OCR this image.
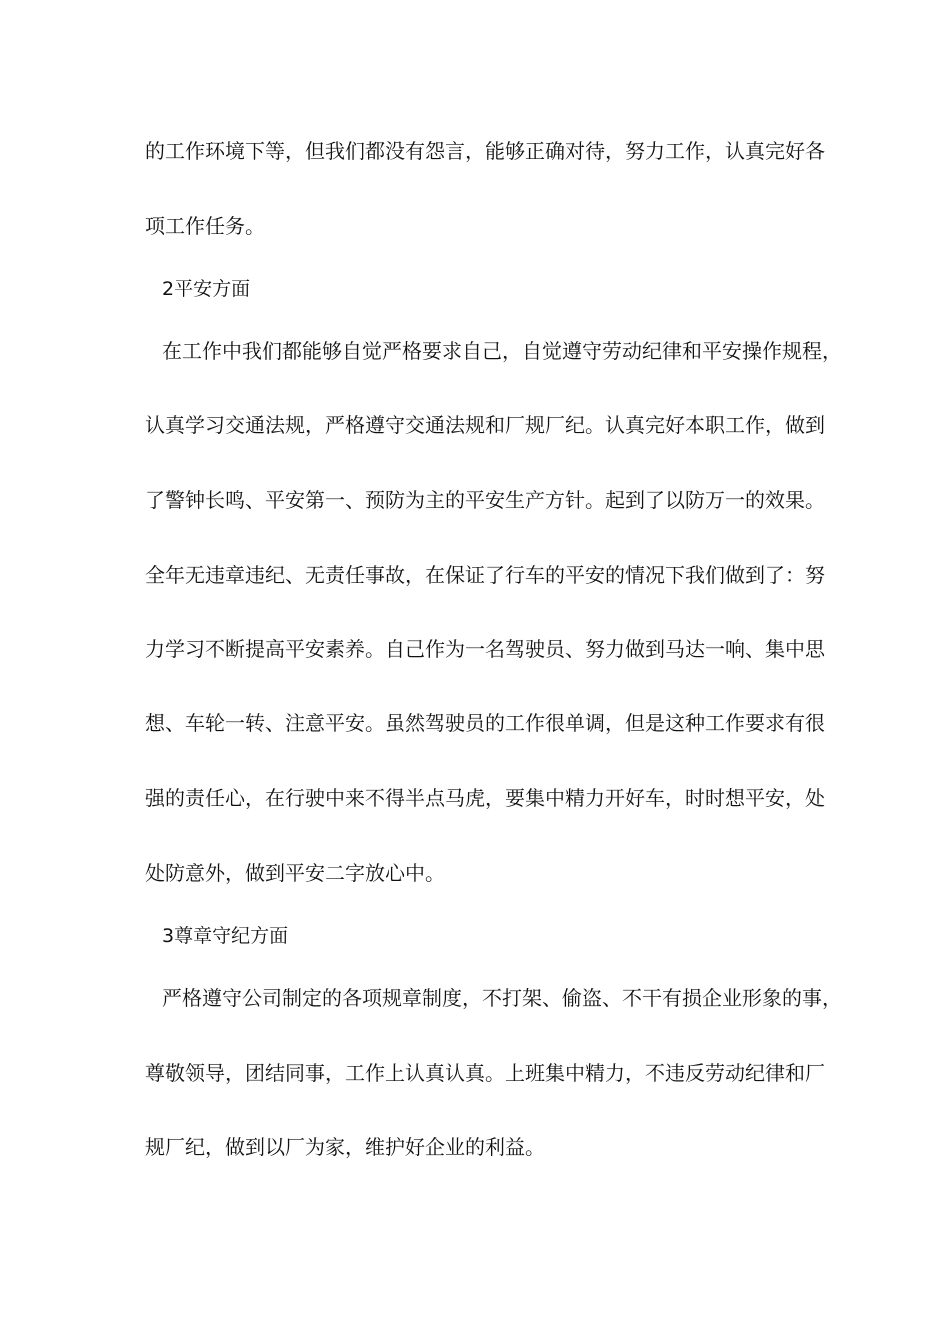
的工作环境下等，但我们都没有怨言，能够正确对待，努力工作，认真完好各
项工作任务。
2平安方面
在工作中我们都能够自觉严格要求自己，自觉遵守劳动纪律和平安操作规程，
认真学习交通法规，严格遵守交通法规和厂规厂纪。认真完好本职工作，做到
了警钟长鸣、平安第一、预防为主的平安生产方针。起到了以防万一的效果。
全年无违章违纪、无责任事故，在保证了行车的平安的情况下我们做到了：努
力学习不断提高平安素养。自己作为一名驾驶员、努力做到马达一响、集中思
想、车轮一转、注意平安。虽然驾驶员的工作很单调，但是这种工作要求有很
强的责任心，在行驶中来不得半点马虎，要集中精力开好车，时时想平安，处
处防意外，做到平安二字放心中。
3尊章守纪方面
严格遵守公司制定的各项规章制度，不打架、偷盗、不干有损企业形象的事，
尊敬领导，团结同事，工作上认真认真。上班集中精力，不违反劳动纪律和厂
规厂纪，做到以厂为家，维护好企业的利益。
